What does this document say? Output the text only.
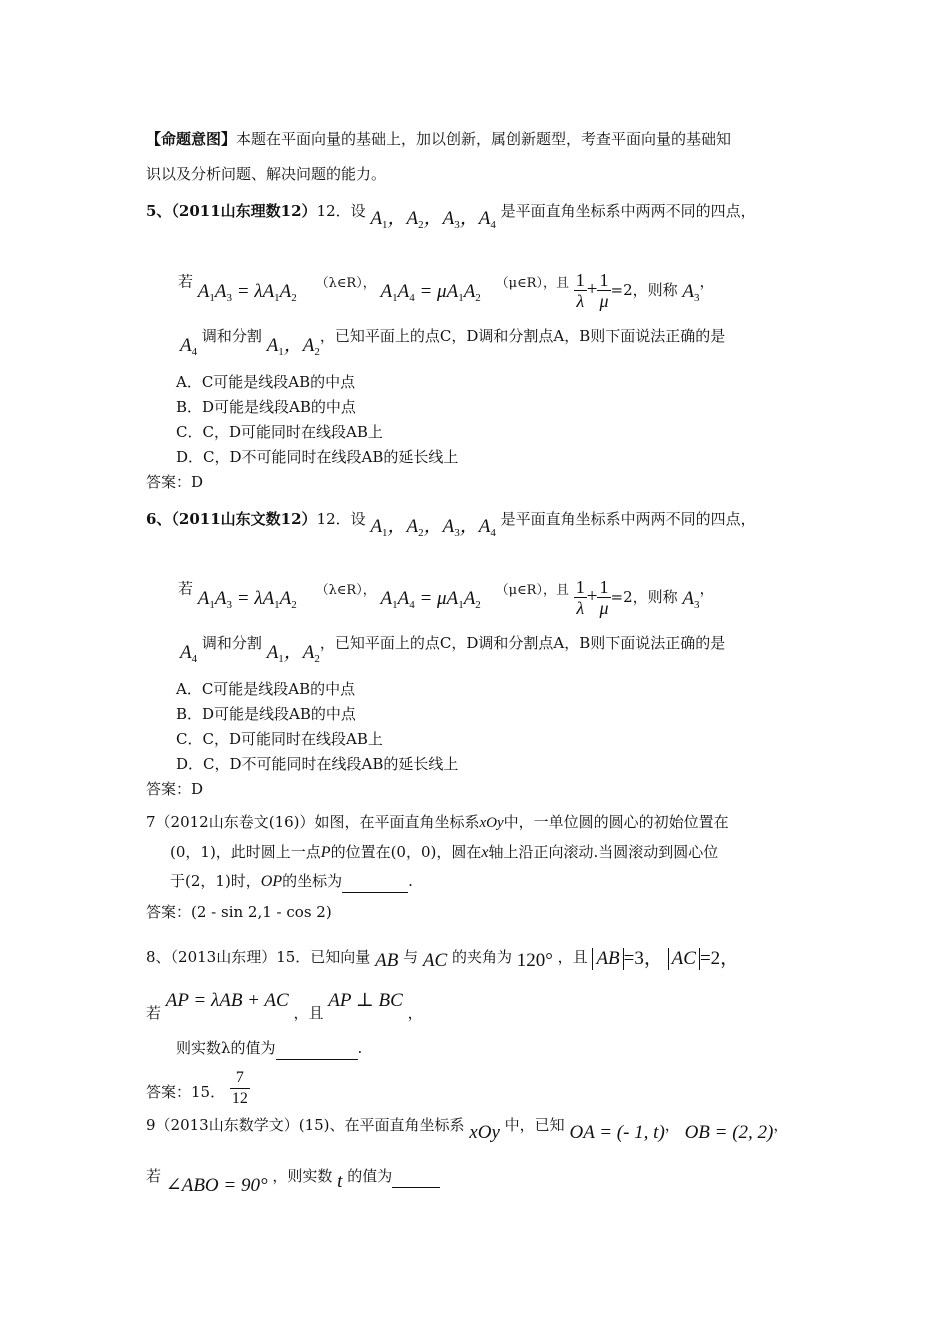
【命题意图】本题在平面向量的基础上，加以创新，属创新题型，考查平面向量的基础知
识以及分析问题、解决问题的能力。
5、（2011山东理数12）12．设 $A_1$，$A_2$，$A_3$，$A_4$ 是平面直角坐标系中两两不同的四点，
若 $A_1A_3 = \lambda A_1A_2$ （λ∈R）， $A_1A_4 = \mu A_1A_2$ （μ∈R），且 $\frac{1}{\lambda} + \frac{1}{\mu} =2$，则称 $A_3$，
$A_4$ 调和分割 $A_1$，$A_2$，已知平面上的点C，D调和分割点A，B则下面说法正确的是
A．C可能是线段AB的中点
B．D可能是线段AB的中点
C．C，D可能同时在线段AB上
D．C，D不可能同时在线段AB的延长线上
答案：D
6、（2011山东文数12）12．设 $A_1$，$A_2$，$A_3$，$A_4$ 是平面直角坐标系中两两不同的四点，
若 $A_1A_3 = \lambda A_1A_2$ （λ∈R）， $A_1A_4 = \mu A_1A_2$ （μ∈R），且 $\frac{1}{\lambda} + \frac{1}{\mu} =2$，则称 $A_3$，
$A_4$ 调和分割 $A_1$，$A_2$，已知平面上的点C，D调和分割点A，B则下面说法正确的是
A．C可能是线段AB的中点
B．D可能是线段AB的中点
C．C，D可能同时在线段AB上
D．C，D不可能同时在线段AB的延长线上
答案：D
7（2012山东卷文(16)）如图，在平面直角坐标系xOy中，一单位圆的圆心的初始位置在
(0，1)，此时圆上一点P的位置在(0，0)，圆在x轴上沿正向滚动.当圆滚动到圆心位
于(2，1)时，OP的坐标为	.
答案：(2 - sin 2,1 - cos 2)
8、（2013山东理）15．已知向量 AB 与 AC 的夹角为 120° ，且 AB =3， AC =2，
若 AP = λAB + AC ，且 AP ⊥ BC ，
则实数λ的值为	.
答案：15． $\frac{7}{12}$
9（2013山东数学文）(15)、在平面直角坐标系 xOy 中，已知 OA = (- 1, t)， OB = (2, 2)，
若 ∠ABO = 90° ，则实数 t 的值为
